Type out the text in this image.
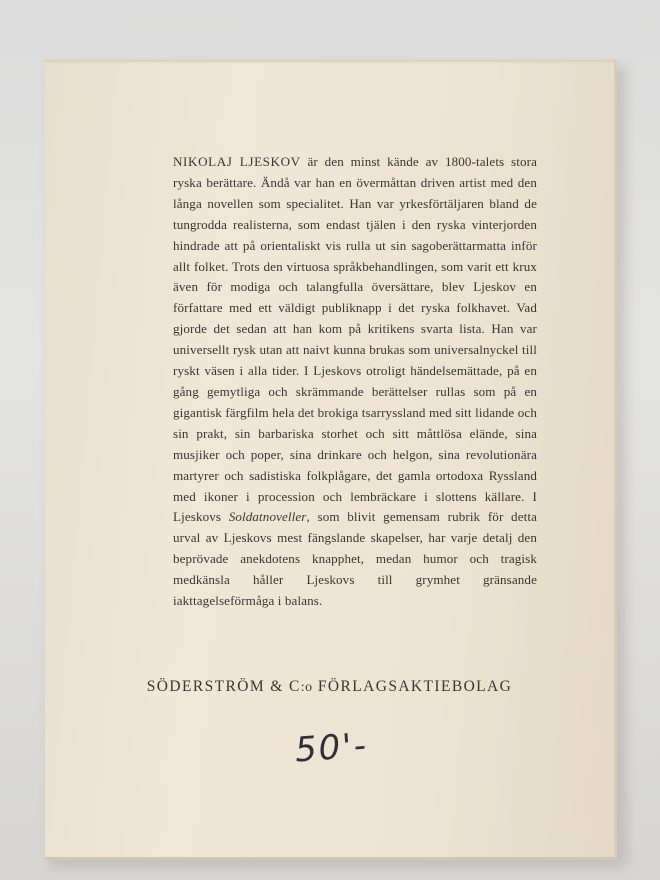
NIKOLAJ LJESKOV är den minst kände av 1800-talets stora ryska berättare. Ändå var han en övermåttan driven artist med den långa novellen som specialitet. Han var yrkesförtäljaren bland de tungrodda realisterna, som endast tjälen i den ryska vinterjorden hindrade att på orientaliskt vis rulla ut sin sagoberättarmatta inför allt folket. Trots den virtuosa språkbehandlingen, som varit ett krux även för modiga och talangfulla översättare, blev Ljeskov en författare med ett väldigt publiknapp i det ryska folkhavet. Vad gjorde det sedan att han kom på kritikens svarta lista. Han var universellt rysk utan att naivt kunna brukas som universalnyckel till ryskt väsen i alla tider. I Ljeskovs otroligt händelsemättade, på en gång gemytliga och skrämmande berättelser rullas som på en gigantisk färgfilm hela det brokiga tsarryssland med sitt lidande och sin prakt, sin barbariska storhet och sitt måttlösa elände, sina musjiker och poper, sina drinkare och helgon, sina revolutionära martyrer och sadistiska folkplågare, det gamla ortodoxa Ryssland med ikoner i procession och lembräckare i slottens källare. I Ljeskovs Soldatnoveller, som blivit gemensam rubrik för detta urval av Ljeskovs mest fängslande skapelser, har varje detalj den beprövade anekdotens knapphet, medan humor och tragisk medkänsla håller Ljeskovs till grymhet gränsande iakttagelseförmåga i balans.

SÖDERSTRÖM & C:o FÖRLAGSAKTIEBOLAG
50'-
